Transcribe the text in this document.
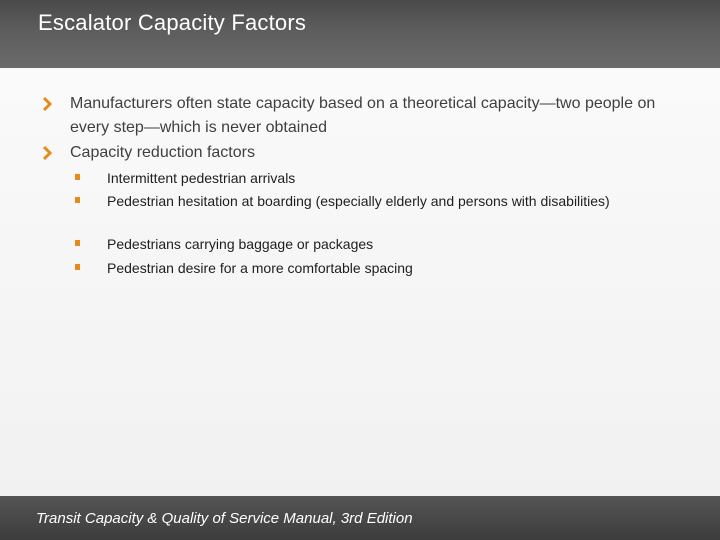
Escalator Capacity Factors
Manufacturers often state capacity based on a theoretical capacity—two people on every step—which is never obtained
Capacity reduction factors
Intermittent pedestrian arrivals
Pedestrian hesitation at boarding (especially elderly and persons with disabilities)
Pedestrians carrying baggage or packages
Pedestrian desire for a more comfortable spacing
Transit Capacity & Quality of Service Manual, 3rd Edition
